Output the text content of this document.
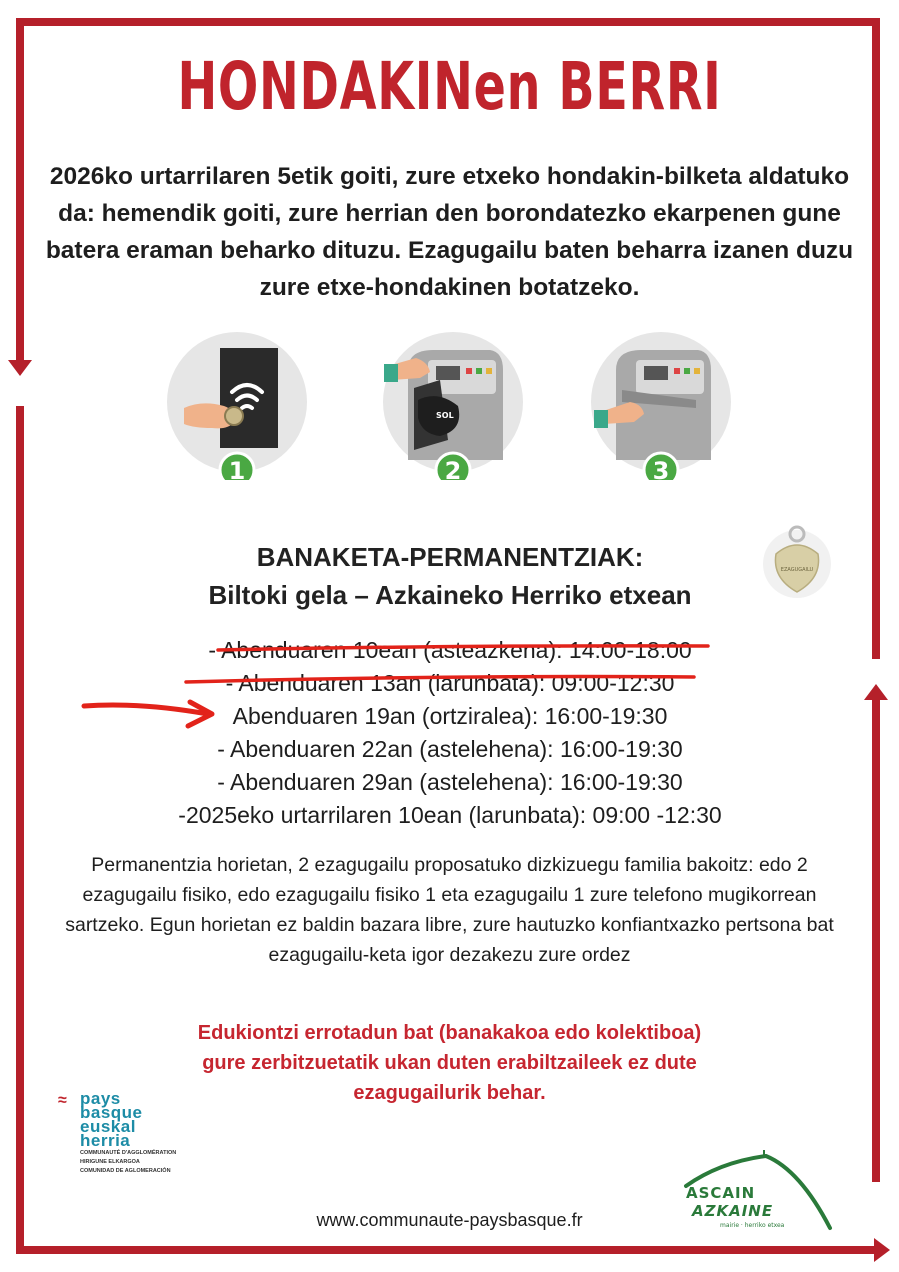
HONDAKINen BERRI
2026ko urtarrilaren 5etik goiti, zure etxeko hondakin-bilketa aldatuko da: hemendik goiti, zure herrian den borondatezko ekarpenen gune batera eraman beharko dituzu. Ezagugailu baten beharra izanen duzu zure etxe-hondakinen botatzeko.
1
SOL
2	3
BANAKETA-PERMANENTZIAK:
Biltoki gela – Azkaineko Herriko etxean
EZAGUGAILU
- Abenduaren 10ean (asteazkena): 14:00-18:00
- Abenduaren 13an (larunbata): 09:00-12:30
Abenduaren 19an (ortziralea): 16:00-19:30
- Abenduaren 22an (astelehena): 16:00-19:30
- Abenduaren 29an (astelehena): 16:00-19:30
-2025eko urtarrilaren 10ean (larunbata): 09:00 -12:30
Permanentzia horietan, 2 ezagugailu proposatuko dizkizuegu familia bakoitz: edo 2 ezagugailu fisiko, edo ezagugailu fisiko 1 eta ezagugailu 1 zure telefono mugikorrean sartzeko. Egun horietan ez baldin bazara libre, zure hautuzko konfiantxazko pertsona bat ezagugailu-keta igor dezakezu zure ordez
Edukiontzi errotadun bat (banakakoa edo kolektiboa) gure zerbitzuetatik ukan duten erabiltzaileek ez dute ezagugailurik behar.
≈ pays
basque
euskal
herria
COMMUNAUTÉ D'AGGLOMÉRATION
HIRIGUNE ELKARGOA
COMUNIDAD DE AGLOMERACIÓN
www.communaute-paysbasque.fr
ASCAIN
AZKAINE
mairie · herriko etxea
